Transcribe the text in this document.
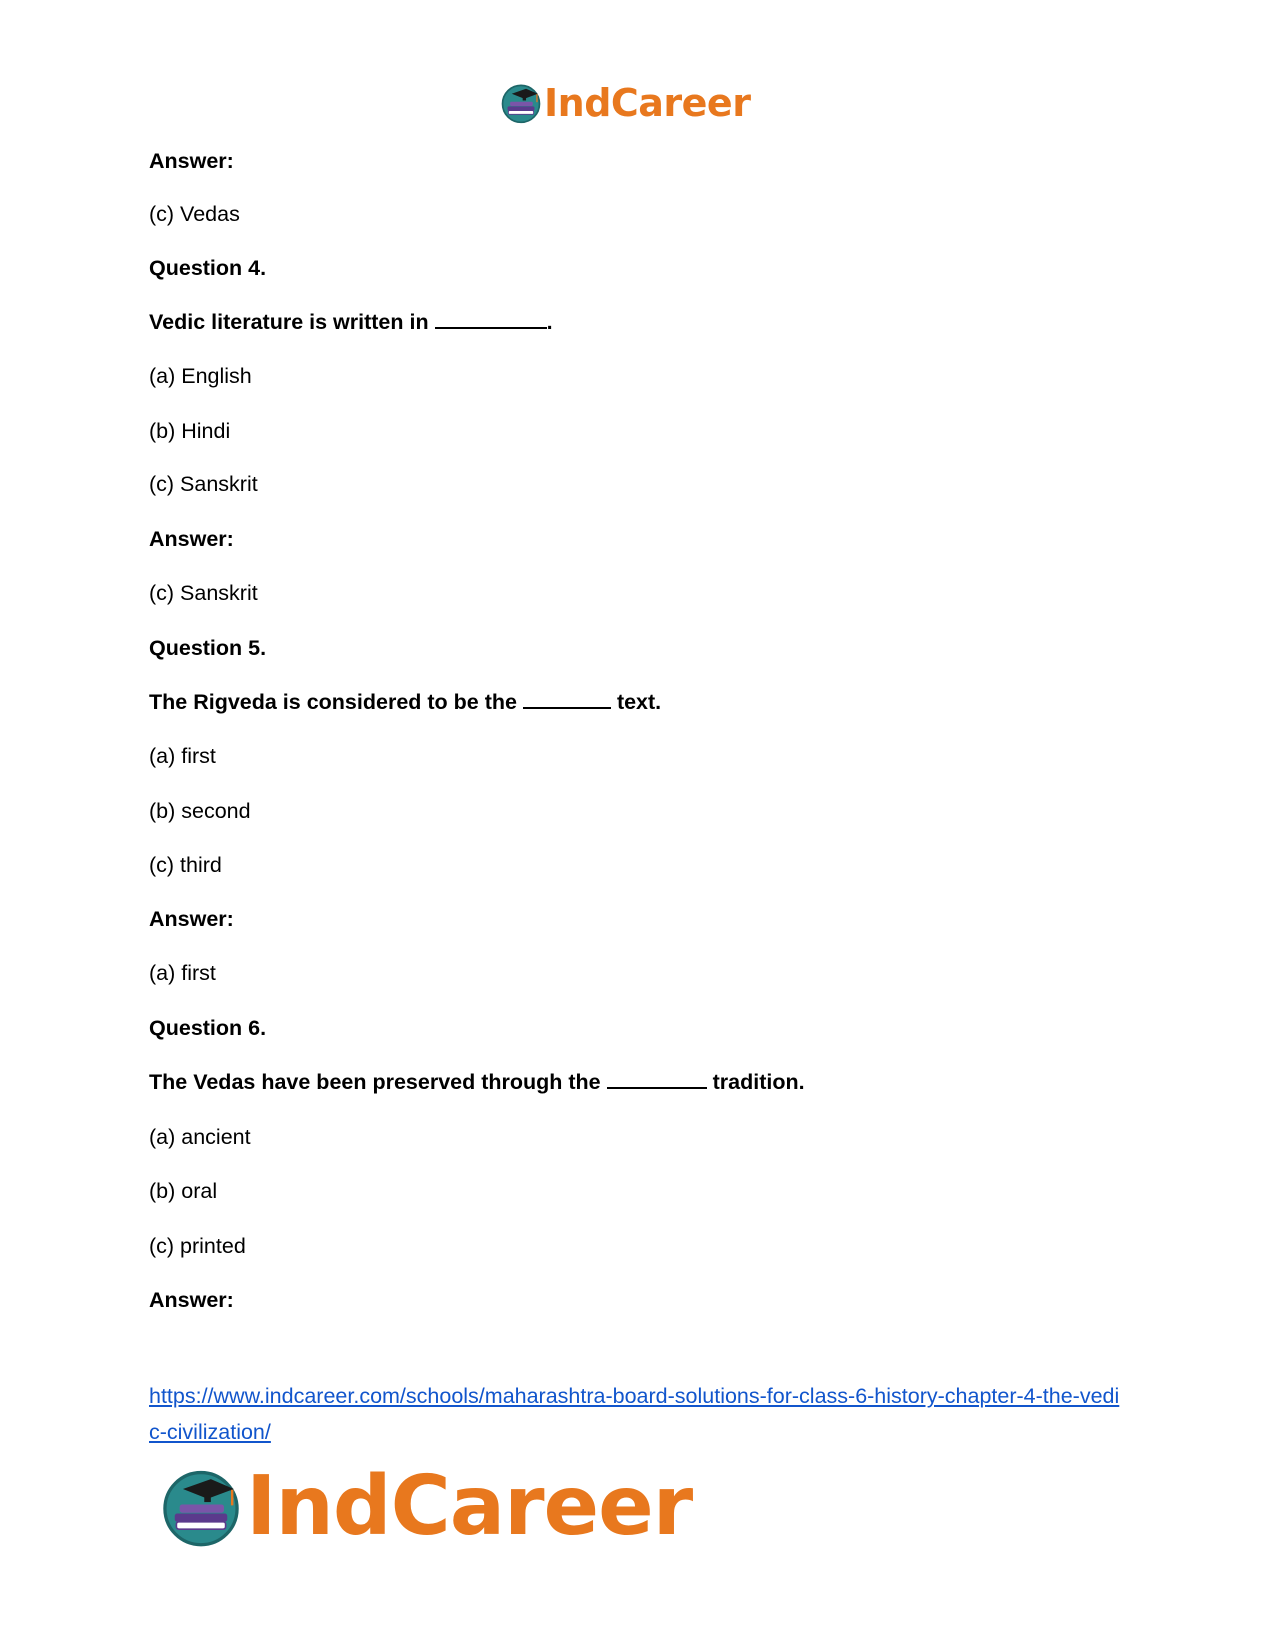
IndCareer
Answer:
(c) Vedas
Question 4.
Vedic literature is written in	.
(a) English
(b) Hindi
(c) Sanskrit
Answer:
(c) Sanskrit
Question 5.
The Rigveda is considered to be the	text.
(a) first
(b) second
(c) third
Answer:
(a) first
Question 6.
The Vedas have been preserved through the	tradition.
(a) ancient
(b) oral
(c) printed
Answer:
https://www.indcareer.com/schools/maharashtra-board-solutions-for-class-6-history-chapter-4-the-vedic-civilization/
IndCareer
